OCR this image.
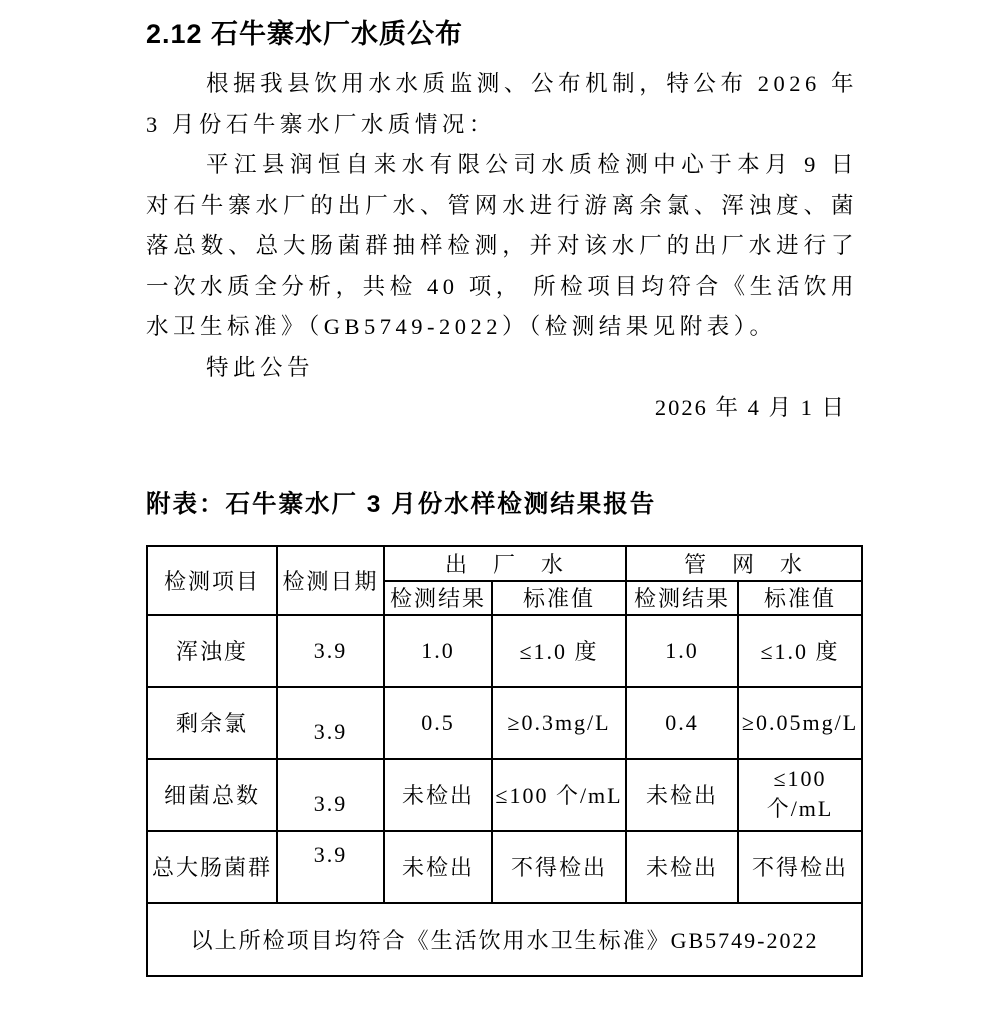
2.12 石牛寨水厂水质公布

根据我县饮用水水质监测、公布机制，特公布 2026 年 3 月份石牛寨水厂水质情况：

平江县润恒自来水有限公司水质检测中心于本月 9 日对石牛寨水厂的出厂水、管网水进行游离余氯、浑浊度、菌落总数、总大肠菌群抽样检测，并对该水厂的出厂水进行了一次水质全分析，共检 40 项， 所检项目均符合《生活饮用水卫生标准》（GB5749-2022）（检测结果见附表）。

特此公告

2026 年 4 月 1 日

附表：石牛寨水厂 3 月份水样检测结果报告
检测项目	检测日期	出　厂　水		管　网　水	
		检测结果	标准值	检测结果	标准值
浑浊度	3.9	1.0	≤1.0 度	1.0	≤1.0 度
剩余氯	3.9	0.5	≥0.3mg/L	0.4	≥0.05mg/L
细菌总数	3.9	未检出	≤100 个/mL	未检出	≤100 个/mL
总大肠菌群	3.9	未检出	不得检出	未检出	不得检出
以上所检项目均符合《生活饮用水卫生标准》GB5749-2022					
